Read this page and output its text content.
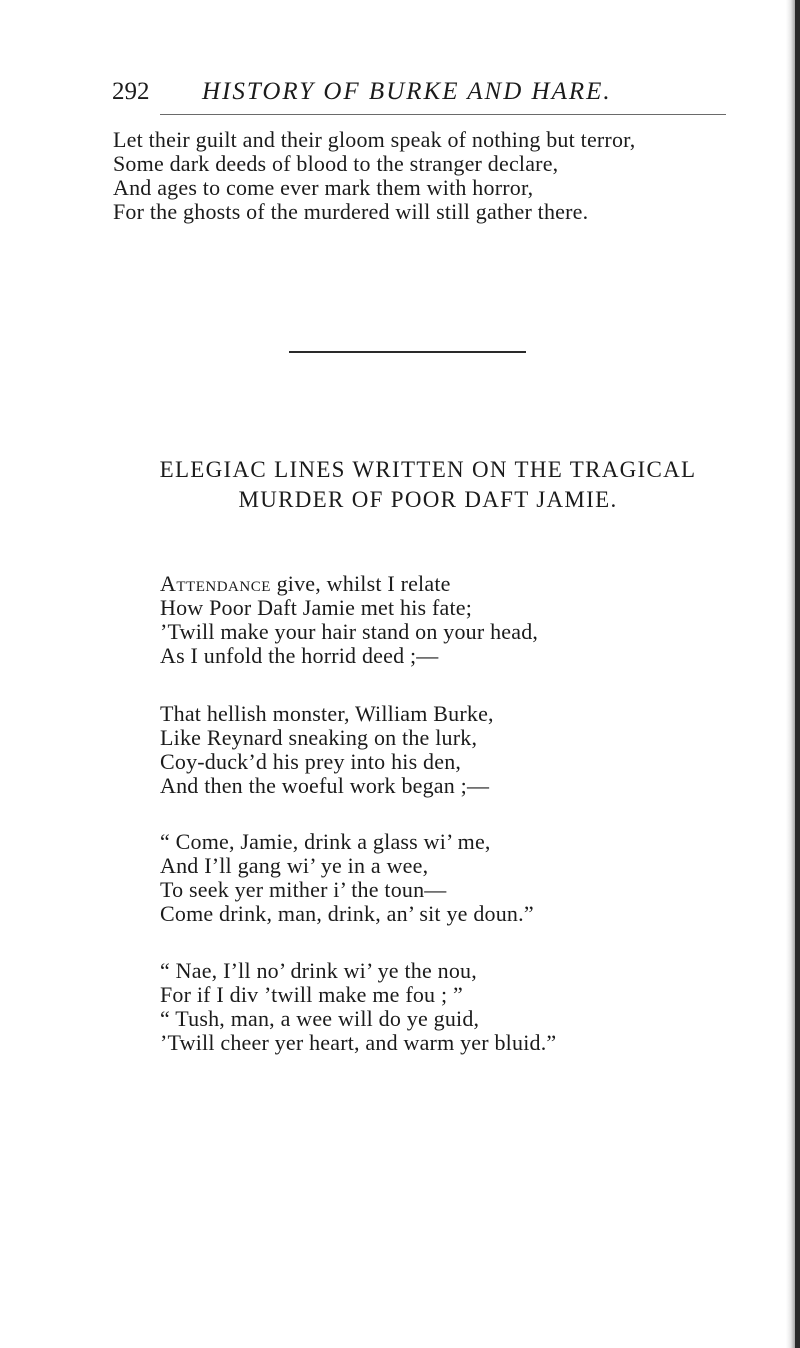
292 HISTORY OF BURKE AND HARE.
Let their guilt and their gloom speak of nothing but terror,
Some dark deeds of blood to the stranger declare,
And ages to come ever mark them with horror,
For the ghosts of the murdered will still gather there.
ELEGIAC LINES WRITTEN ON THE TRAGICAL
MURDER OF POOR DAFT JAMIE.
Attendance give, whilst I relate
How Poor Daft Jamie met his fate;
’Twill make your hair stand on your head,
As I unfold the horrid deed ;—
That hellish monster, William Burke,
Like Reynard sneaking on the lurk,
Coy-duck’d his prey into his den,
And then the woeful work began ;—
“ Come, Jamie, drink a glass wi’ me,
And I’ll gang wi’ ye in a wee,
To seek yer mither i’ the toun—
Come drink, man, drink, an’ sit ye doun.”
“ Nae, I’ll no’ drink wi’ ye the nou,
For if I div ’twill make me fou ; ”
“ Tush, man, a wee will do ye guid,
’Twill cheer yer heart, and warm yer bluid.”
